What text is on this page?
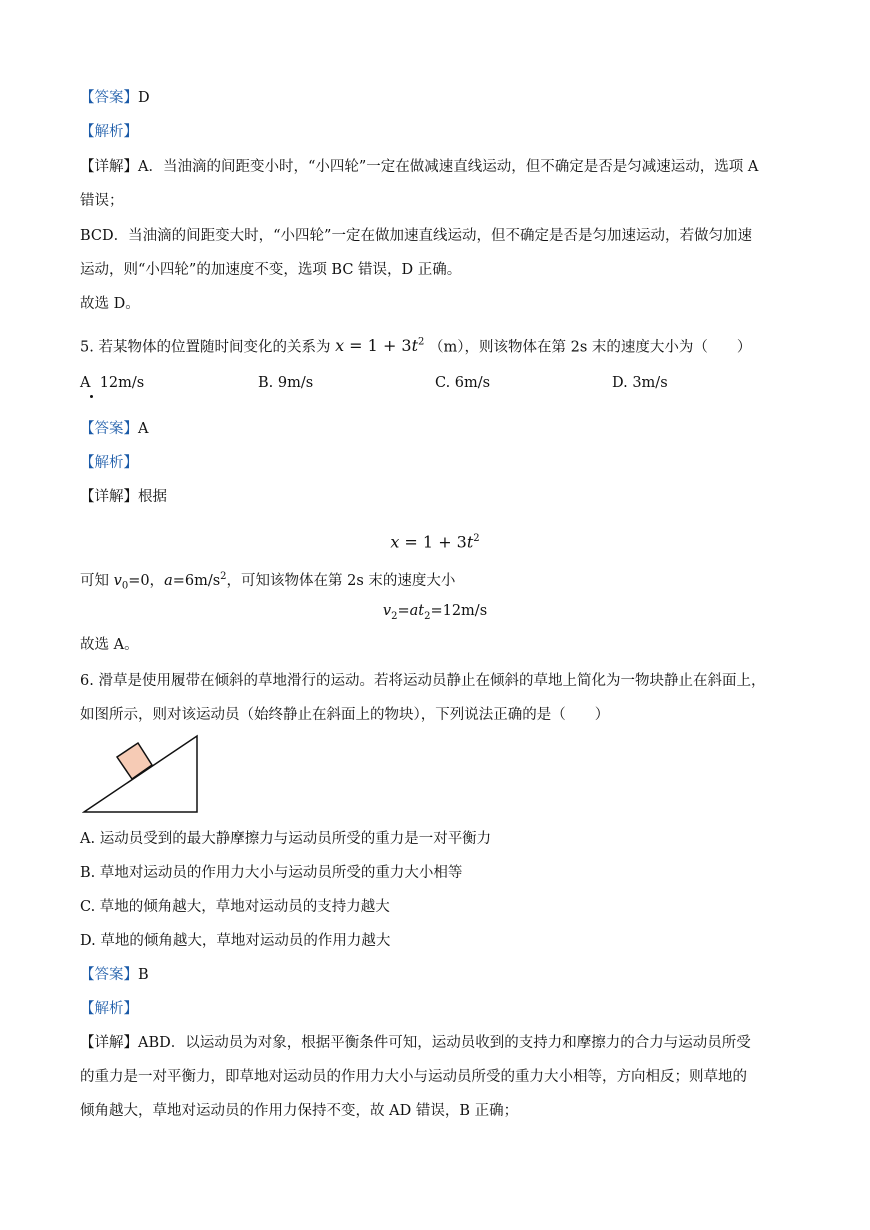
【答案】D
【解析】
【详解】A．当油滴的间距变小时，“小四轮”一定在做减速直线运动，但不确定是否是匀减速运动，选项 A
错误；
BCD．当油滴的间距变大时，“小四轮”一定在做加速直线运动，但不确定是否是匀加速运动，若做匀加速
运动，则“小四轮”的加速度不变，选项 BC 错误，D 正确。
故选 D。
5. 若某物体的位置随时间变化的关系为 $x = 1 + 3t^2$ （m），则该物体在第 2s 末的速度大小为（　　）
A 12m/s	B. 9m/s	C. 6m/s	D. 3m/s
【答案】A
【解析】
【详解】根据
$x = 1 + 3t^2$
可知 $v_0=0$，$a=6m/s^2$，可知该物体在第 2s 末的速度大小
$v_2=at_2=12m/s$
故选 A。
6. 滑草是使用履带在倾斜的草地滑行的运动。若将运动员静止在倾斜的草地上简化为一物块静止在斜面上，
如图所示，则对该运动员（始终静止在斜面上的物块），下列说法正确的是（　　）
A. 运动员受到的最大静摩擦力与运动员所受的重力是一对平衡力
B. 草地对运动员的作用力大小与运动员所受的重力大小相等
C. 草地的倾角越大，草地对运动员的支持力越大
D. 草地的倾角越大，草地对运动员的作用力越大
【答案】B
【解析】
【详解】ABD．以运动员为对象，根据平衡条件可知，运动员收到的支持力和摩擦力的合力与运动员所受
的重力是一对平衡力，即草地对运动员的作用力大小与运动员所受的重力大小相等，方向相反；则草地的
倾角越大，草地对运动员的作用力保持不变，故 AD 错误，B 正确；
